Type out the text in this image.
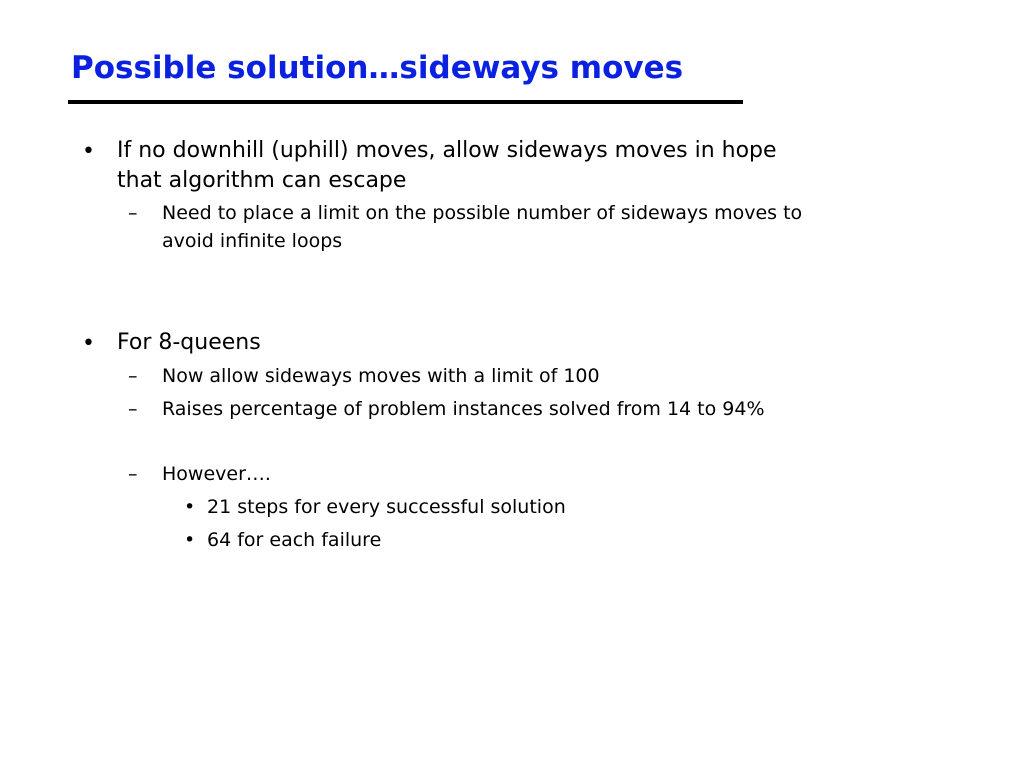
Possible solution…sideways moves
• If no downhill (uphill) moves, allow sideways moves in hope

that algorithm can escape

– Need to place a limit on the possible number of sideways moves to

avoid infinite loops

• For 8-queens

– Now allow sideways moves with a limit of 100

– Raises percentage of problem instances solved from 14 to 94%

– However….

• 21 steps for every successful solution

• 64 for each failure
